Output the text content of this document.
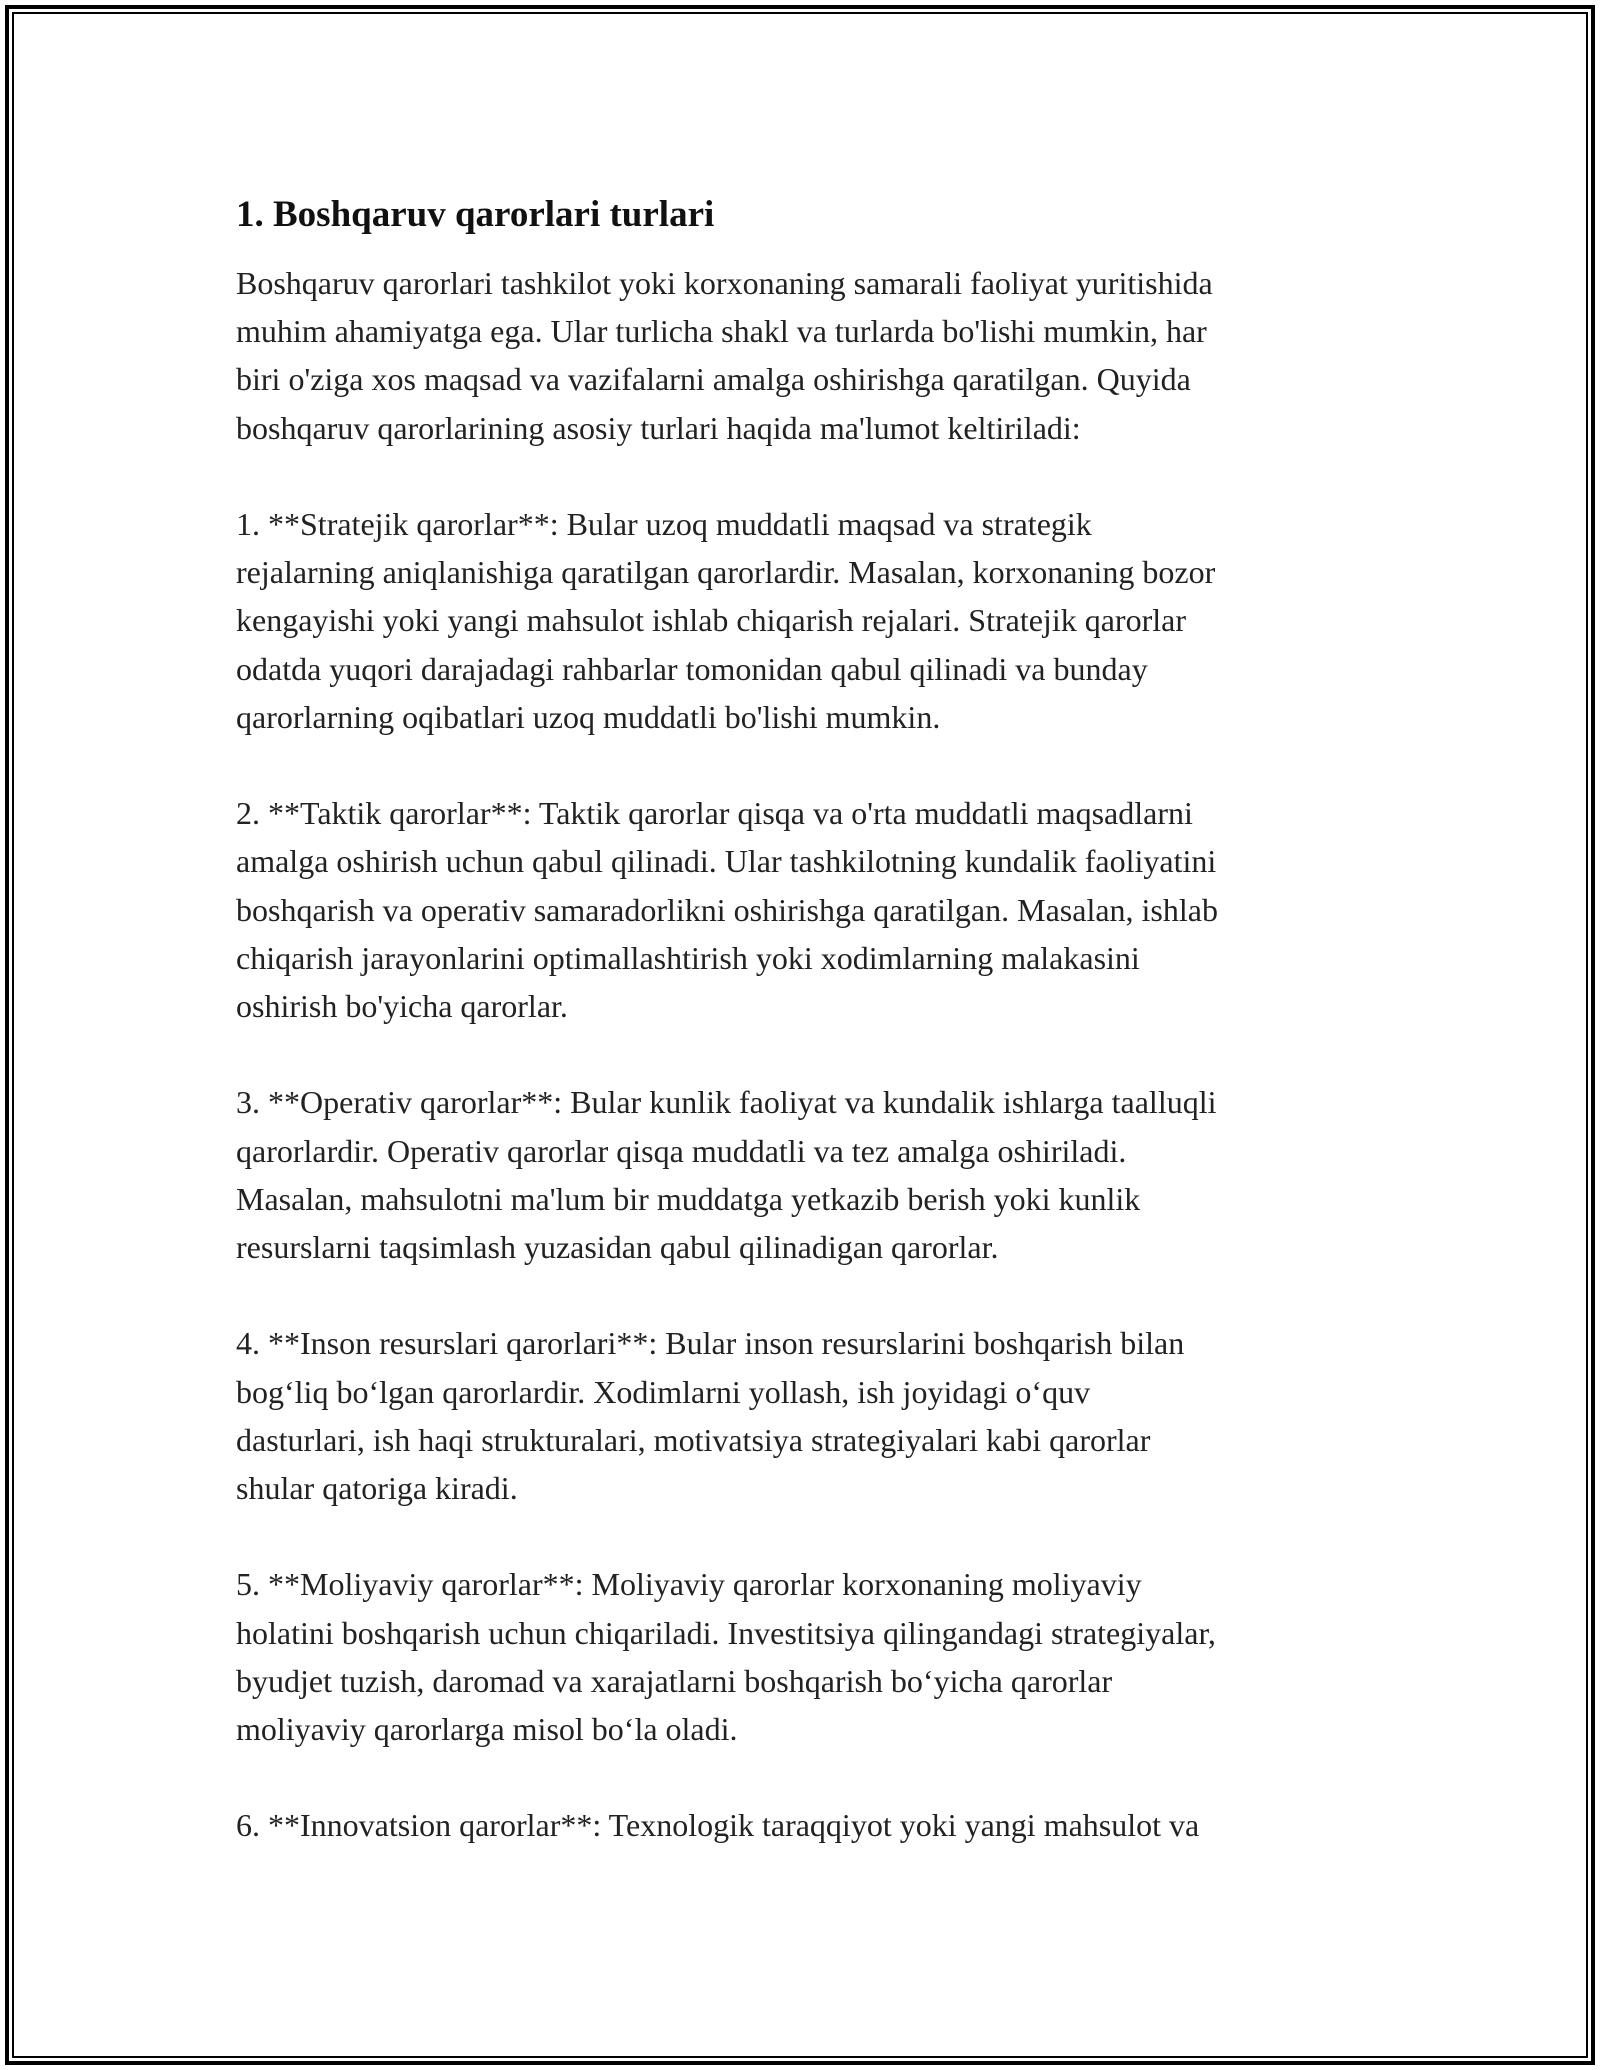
1. Boshqaruv qarorlari turlari
Boshqaruv qarorlari tashkilot yoki korxonaning samarali faoliyat yuritishida
muhim ahamiyatga ega. Ular turlicha shakl va turlarda bo'lishi mumkin, har
biri o'ziga xos maqsad va vazifalarni amalga oshirishga qaratilgan. Quyida
boshqaruv qarorlarining asosiy turlari haqida ma'lumot keltiriladi:
1. **Stratejik qarorlar**: Bular uzoq muddatli maqsad va strategik
rejalarning aniqlanishiga qaratilgan qarorlardir. Masalan, korxonaning bozor
kengayishi yoki yangi mahsulot ishlab chiqarish rejalari. Stratejik qarorlar
odatda yuqori darajadagi rahbarlar tomonidan qabul qilinadi va bunday
qarorlarning oqibatlari uzoq muddatli bo'lishi mumkin.
2. **Taktik qarorlar**: Taktik qarorlar qisqa va o'rta muddatli maqsadlarni
amalga oshirish uchun qabul qilinadi. Ular tashkilotning kundalik faoliyatini
boshqarish va operativ samaradorlikni oshirishga qaratilgan. Masalan, ishlab
chiqarish jarayonlarini optimallashtirish yoki xodimlarning malakasini
oshirish bo'yicha qarorlar.
3. **Operativ qarorlar**: Bular kunlik faoliyat va kundalik ishlarga taalluqli
qarorlardir. Operativ qarorlar qisqa muddatli va tez amalga oshiriladi.
Masalan, mahsulotni ma'lum bir muddatga yetkazib berish yoki kunlik
resurslarni taqsimlash yuzasidan qabul qilinadigan qarorlar.
4. **Inson resurslari qarorlari**: Bular inson resurslarini boshqarish bilan
bog‘liq bo‘lgan qarorlardir. Xodimlarni yollash, ish joyidagi o‘quv
dasturlari, ish haqi strukturalari, motivatsiya strategiyalari kabi qarorlar
shular qatoriga kiradi.
5. **Moliyaviy qarorlar**: Moliyaviy qarorlar korxonaning moliyaviy
holatini boshqarish uchun chiqariladi. Investitsiya qilingandagi strategiyalar,
byudjet tuzish, daromad va xarajatlarni boshqarish bo‘yicha qarorlar
moliyaviy qarorlarga misol bo‘la oladi.
6. **Innovatsion qarorlar**: Texnologik taraqqiyot yoki yangi mahsulot va
